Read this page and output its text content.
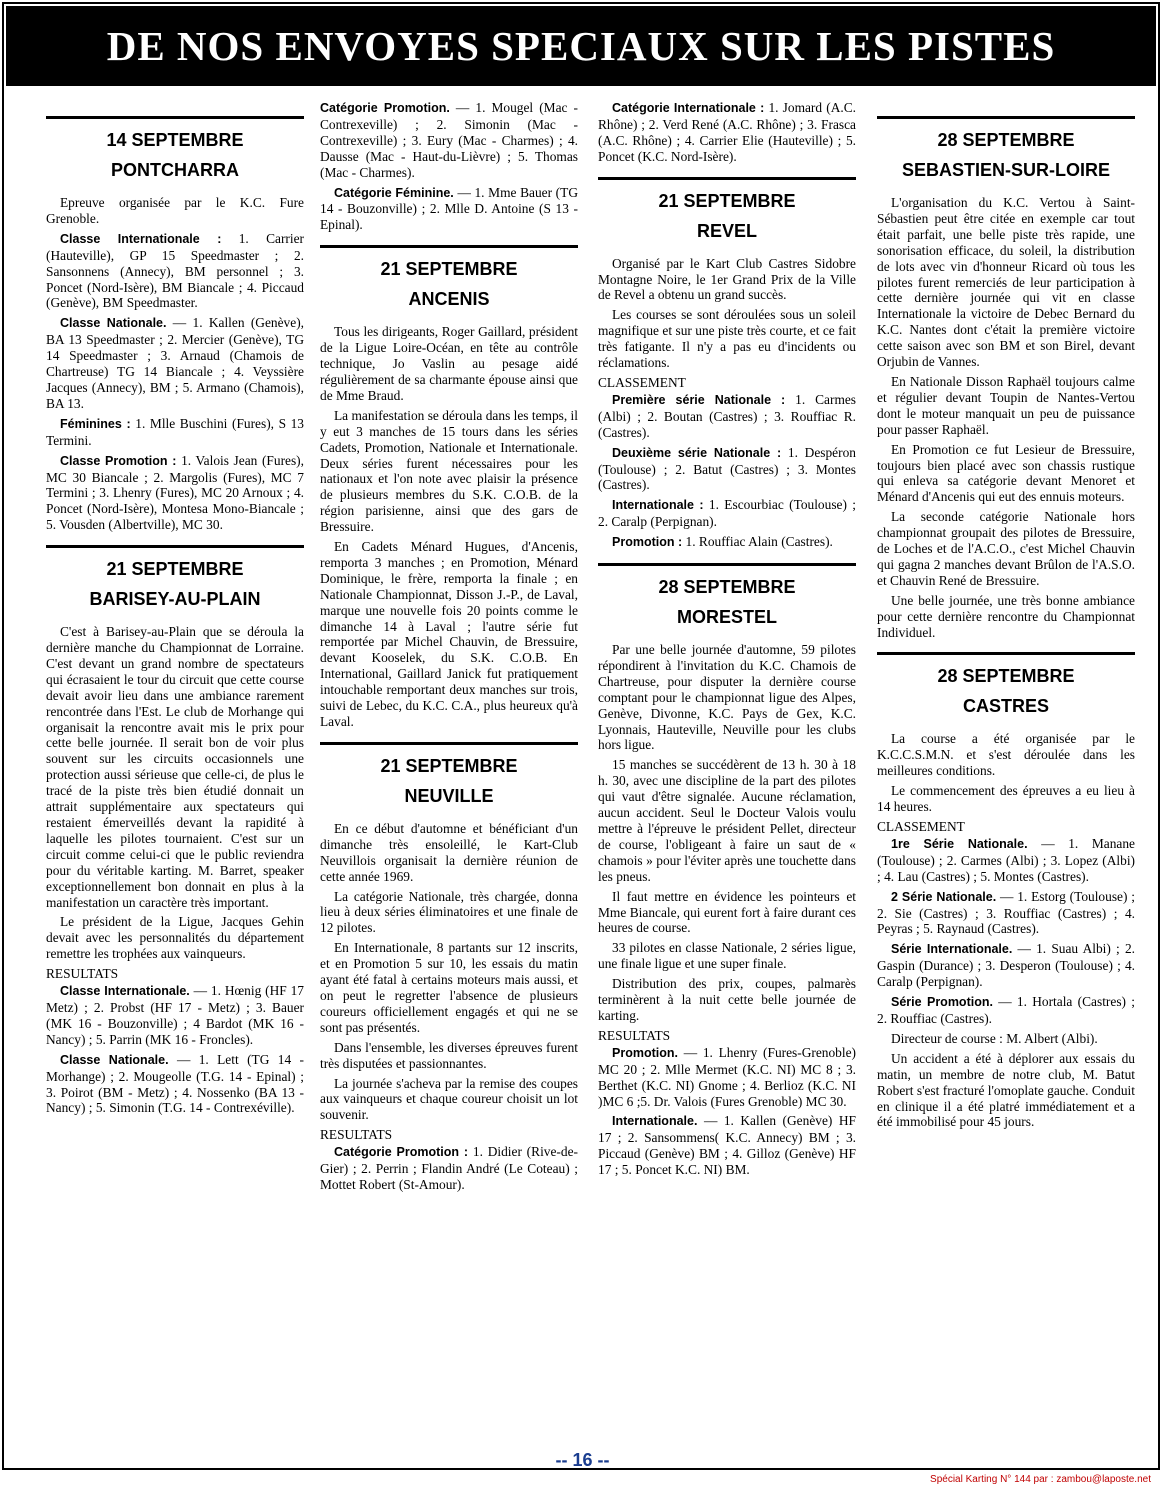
DE NOS ENVOYES SPECIAUX SUR LES PISTES
14 SEPTEMBRE
PONTCHARRA

Epreuve organisée par le K.C. Fure Grenoble.

Classe Internationale : 1. Carrier (Hauteville), GP 15 Speedmaster ; 2. Sansonnens (Annecy), BM personnel ; 3. Poncet (Nord-Isère), BM Biancale ; 4. Piccaud (Genève), BM Speedmaster.

Classe Nationale. — 1. Kallen (Genève), BA 13 Speedmaster ; 2. Mercier (Genève), TG 14 Speedmaster ; 3. Arnaud (Chamois de Chartreuse) TG 14 Biancale ; 4. Veyssière Jacques (Annecy), BM ; 5. Armano (Chamois), BA 13.

Féminines : 1. Mlle Buschini (Fures), S 13 Termini.

Classe Promotion : 1. Valois Jean (Fures), MC 30 Biancale ; 2. Margolis (Fures), MC 7 Termini ; 3. Lhenry (Fures), MC 20 Arnoux ; 4. Poncet (Nord-Isère), Montesa Mono-Biancale ; 5. Vousden (Albertville), MC 30.

21 SEPTEMBRE
BARISEY-AU-PLAIN

C'est à Barisey-au-Plain que se déroula la dernière manche du Championnat de Lorraine. C'est devant un grand nombre de spectateurs qui écrasaient le tour du circuit que cette course devait avoir lieu dans une ambiance rarement rencontrée dans l'Est. Le club de Morhange qui organisait la rencontre avait mis le prix pour cette belle journée. Il serait bon de voir plus souvent sur les circuits occasionnels une protection aussi sérieuse que celle-ci, de plus le tracé de la piste très bien étudié donnait un attrait supplémentaire aux spectateurs qui restaient émerveillés devant la rapidité à laquelle les pilotes tournaient. C'est sur un circuit comme celui-ci que le public reviendra pour du véritable karting. M. Barret, speaker exceptionnellement bon donnait en plus à la manifestation un caractère très important.

Le président de la Ligue, Jacques Gehin devait avec les personnalités du département remettre les trophées aux vainqueurs.

RESULTATS

Classe Internationale. — 1. Hœnig (HF 17 Metz) ; 2. Probst (HF 17 - Metz) ; 3. Bauer (MK 16 - Bouzonville) ; 4 Bardot (MK 16 - Nancy) ; 5. Parrin (MK 16 - Froncles).

Classe Nationale. — 1. Lett (TG 14 - Morhange) ; 2. Mougeolle (T.G. 14 - Epinal) ; 3. Poirot (BM - Metz) ; 4. Nossenko (BA 13 - Nancy) ; 5. Simonin (T.G. 14 - Contrexéville).

Catégorie Promotion. — 1. Mougel (Mac - Contrexeville) ; 2. Simonin (Mac - Contrexeville) ; 3. Eury (Mac - Charmes) ; 4. Dausse (Mac - Haut-du-Lièvre) ; 5. Thomas (Mac - Charmes).

Catégorie Féminine. — 1. Mme Bauer (TG 14 - Bouzonville) ; 2. Mlle D. Antoine (S 13 - Epinal).

21 SEPTEMBRE
ANCENIS

Tous les dirigeants, Roger Gaillard, président de la Ligue Loire-Océan, en tête au contrôle technique, Jo Vaslin au pesage aidé régulièrement de sa charmante épouse ainsi que de Mme Braud.

La manifestation se déroula dans les temps, il y eut 3 manches de 15 tours dans les séries Cadets, Promotion, Nationale et Internationale. Deux séries furent nécessaires pour les nationaux et l'on note avec plaisir la présence de plusieurs membres du S.K. C.O.B. de la région parisienne, ainsi que des gars de Bressuire.

En Cadets Ménard Hugues, d'Ancenis, remporta 3 manches ; en Promotion, Ménard Dominique, le frère, remporta la finale ; en Nationale Championnat, Disson J.-P., de Laval, marque une nouvelle fois 20 points comme le dimanche 14 à Laval ; l'autre série fut remportée par Michel Chauvin, de Bressuire, devant Kooselek, du S.K. C.O.B. En International, Gaillard Janick fut pratiquement intouchable remportant deux manches sur trois, suivi de Lebec, du K.C. C.A., plus heureux qu'à Laval.

21 SEPTEMBRE
NEUVILLE

En ce début d'automne et bénéficiant d'un dimanche très ensoleillé, le Kart-Club Neuvillois organisait la dernière réunion de cette année 1969.

La catégorie Nationale, très chargée, donna lieu à deux séries éliminatoires et une finale de 12 pilotes.

En Internationale, 8 partants sur 12 inscrits, et en Promotion 5 sur 10, les essais du matin ayant été fatal à certains moteurs mais aussi, et on peut le regretter l'absence de plusieurs coureurs officiellement engagés et qui ne se sont pas présentés.

Dans l'ensemble, les diverses épreuves furent très disputées et passionnantes.

La journée s'acheva par la remise des coupes aux vainqueurs et chaque coureur choisit un lot souvenir.

RESULTATS

Catégorie Promotion : 1. Didier (Rive-de-Gier) ; 2. Perrin ; Flandin André (Le Coteau) ; Mottet Robert (St-Amour).

Catégorie Internationale : 1. Jomard (A.C. Rhône) ; 2. Verd René (A.C. Rhône) ; 3. Frasca (A.C. Rhône) ; 4. Carrier Elie (Hauteville) ; 5. Poncet (K.C. Nord-Isère).

21 SEPTEMBRE
REVEL

Organisé par le Kart Club Castres Sidobre Montagne Noire, le 1er Grand Prix de la Ville de Revel a obtenu un grand succès.

Les courses se sont déroulées sous un soleil magnifique et sur une piste très courte, et ce fait très fatigante. Il n'y a pas eu d'incidents ou réclamations.

CLASSEMENT

Première série Nationale : 1. Carmes (Albi) ; 2. Boutan (Castres) ; 3. Rouffiac R. (Castres).

Deuxième série Nationale : 1. Despéron (Toulouse) ; 2. Batut (Castres) ; 3. Montes (Castres).

Internationale : 1. Escourbiac (Toulouse) ; 2. Caralp (Perpignan).

Promotion : 1. Rouffiac Alain (Castres).

28 SEPTEMBRE
MORESTEL

Par une belle journée d'automne, 59 pilotes répondirent à l'invitation du K.C. Chamois de Chartreuse, pour disputer la dernière course comptant pour le championnat ligue des Alpes, Genève, Divonne, K.C. Pays de Gex, K.C. Lyonnais, Hauteville, Neuville pour les clubs hors ligue.

15 manches se succédèrent de 13 h. 30 à 18 h. 30, avec une discipline de la part des pilotes qui vaut d'être signalée. Aucune réclamation, aucun accident. Seul le Docteur Valois voulu mettre à l'épreuve le président Pellet, directeur de course, l'obligeant à faire un saut de « chamois » pour l'éviter après une touchette dans les pneus.

Il faut mettre en évidence les pointeurs et Mme Biancale, qui eurent fort à faire durant ces heures de course.

33 pilotes en classe Nationale, 2 séries ligue, une finale ligue et une super finale.

Distribution des prix, coupes, palmarès terminèrent à la nuit cette belle journée de karting.

RESULTATS

Promotion. — 1. Lhenry (Fures-Grenoble) MC 20 ; 2. Mlle Mermet (K.C. NI) MC 8 ; 3. Berthet (K.C. NI) Gnome ; 4. Berlioz (K.C. NI )MC 6 ;5. Dr. Valois (Fures Grenoble) MC 30.

Internationale. — 1. Kallen (Genève) HF 17 ; 2. Sansommens( K.C. Annecy) BM ; 3. Piccaud (Genève) BM ; 4. Gilloz (Genève) HF 17 ; 5. Poncet K.C. NI) BM.

28 SEPTEMBRE
SEBASTIEN-SUR-LOIRE

L'organisation du K.C. Vertou à Saint-Sébastien peut être citée en exemple car tout était parfait, une belle piste très rapide, une sonorisation efficace, du soleil, la distribution de lots avec vin d'honneur Ricard où tous les pilotes furent remerciés de leur participation à cette dernière journée qui vit en classe Internationale la victoire de Debec Bernard du K.C. Nantes dont c'était la première victoire cette saison avec son BM et son Birel, devant Orjubin de Vannes.

En Nationale Disson Raphaël toujours calme et régulier devant Toupin de Nantes-Vertou dont le moteur manquait un peu de puissance pour passer Raphaël.

En Promotion ce fut Lesieur de Bressuire, toujours bien placé avec son chassis rustique qui enleva sa catégorie devant Menoret et Ménard d'Ancenis qui eut des ennuis moteurs.

La seconde catégorie Nationale hors championnat groupait des pilotes de Bressuire, de Loches et de l'A.C.O., c'est Michel Chauvin qui gagna 2 manches devant Brûlon de l'A.S.O. et Chauvin René de Bressuire.

Une belle journée, une très bonne ambiance pour cette dernière rencontre du Championnat Individuel.

28 SEPTEMBRE
CASTRES

La course a été organisée par le K.C.C.S.M.N. et s'est déroulée dans les meilleures conditions.

Le commencement des épreuves a eu lieu à 14 heures.

CLASSEMENT

1re Série Nationale. — 1. Manane (Toulouse) ; 2. Carmes (Albi) ; 3. Lopez (Albi) ; 4. Lau (Castres) ; 5. Montes (Castres).

2 Série Nationale. — 1. Estorg (Toulouse) ; 2. Sie (Castres) ; 3. Rouffiac (Castres) ; 4. Peyras ; 5. Raynaud (Castres).

Série Internationale. — 1. Suau Albi) ; 2. Gaspin (Durance) ; 3. Desperon (Toulouse) ; 4. Caralp (Perpignan).

Série Promotion. — 1. Hortala (Castres) ; 2. Rouffiac (Castres).

Directeur de course : M. Albert (Albi).

Un accident a été à déplorer aux essais du matin, un membre de notre club, M. Batut Robert s'est fracturé l'omoplate gauche. Conduit en clinique il a été platré immédiatement et a été immobilisé pour 45 jours.

-- 16 --
Spécial Karting N° 144 par : zambou@laposte.net
